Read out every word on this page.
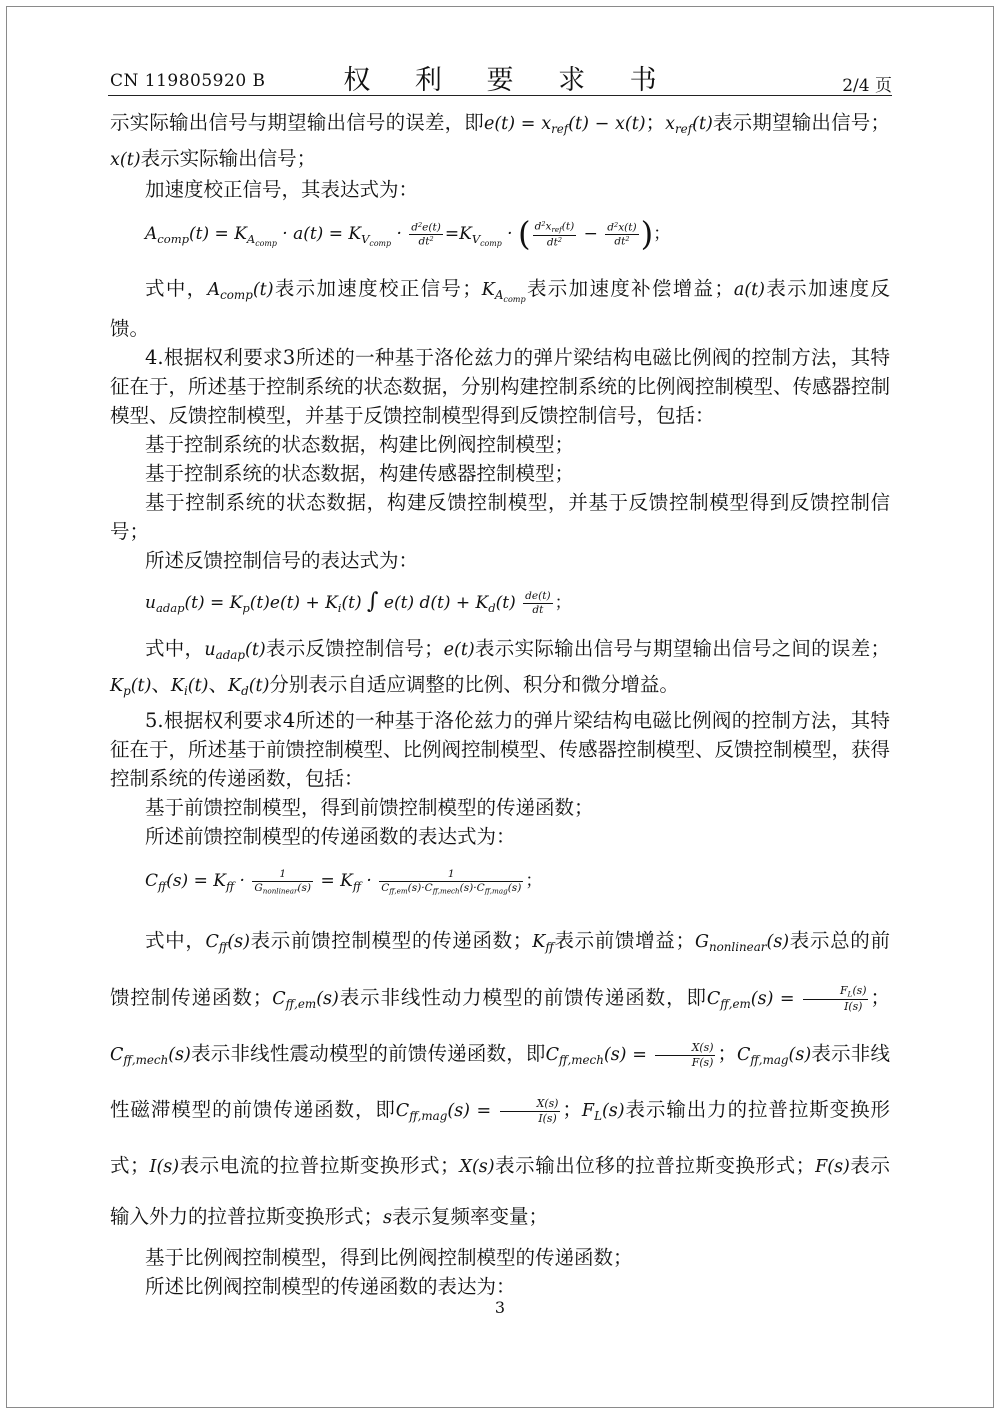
CN 119805920 B	权 利 要 求 书	2/4 页

示实际输出信号与期望输出信号的误差，即$e(t) = x_{ref}(t) - x(t)$；$x_{ref}(t)$表示期望输出信号；x(t)表示实际输出信号；

加速度校正信号，其表达式为：

$A_{comp}(t) = K_{A_{comp}} \cdot a(t) = K_{V_{comp}} \cdot \frac{d^2e(t)}{dt^2} =K_{V_{comp}}$ · ( $\frac{d^2x_{ref}(t)}{dt^2} - \frac{d^2x(t)}{dt^2}$ )；

式中，$A_{comp}(t)$表示加速度校正信号；$K_{A_{comp}}$表示加速度补偿增益；a(t)表示加速度反馈。

4.根据权利要求3所述的一种基于洛伦兹力的弹片梁结构电磁比例阀的控制方法，其特征在于，所述基于控制系统的状态数据，分别构建控制系统的比例阀控制模型、传感器控制模型、反馈控制模型，并基于反馈控制模型得到反馈控制信号，包括：

基于控制系统的状态数据，构建比例阀控制模型；

基于控制系统的状态数据，构建传感器控制模型；

基于控制系统的状态数据，构建反馈控制模型，并基于反馈控制模型得到反馈控制信号；

所述反馈控制信号的表达式为：

$u_{adap}(t) = K_p(t)e(t) + K_i(t)$ ∫ e(t) $d(t) + K_d(t) \frac{de(t)}{dt}$ ；

式中，$u_{adap}(t)$表示反馈控制信号；e(t)表示实际输出信号与期望输出信号之间的误差；$K_p(t)$、$K_i(t)$、$K_d(t)$分别表示自适应调整的比例、积分和微分增益。

5.根据权利要求4所述的一种基于洛伦兹力的弹片梁结构电磁比例阀的控制方法，其特征在于，所述基于前馈控制模型、比例阀控制模型、传感器控制模型、反馈控制模型，获得控制系统的传递函数，包括：

基于前馈控制模型，得到前馈控制模型的传递函数；

所述前馈控制模型的传递函数的表达式为：

$C_{ff}(s) = K_{ff} \cdot \frac{1}{G_{nonlinear}(s)} = K_{ff} \cdot \frac{1}{C_{ff,em}(s)\cdot C_{ff,mech}(s)\cdot C_{ff,mag}(s)}$ ；

式中，$C_{ff}(s)$表示前馈控制模型的传递函数；$K_{ff}$表示前馈增益；$G_{nonlinear}(s)$表示总的前馈控制传递函数；$C_{ff,em}(s)$表示非线性动力模型的前馈传递函数，即$C_{ff,em}(s) = \frac{F_L(s)}{I(s)}$ ；$C_{ff,mech}(s)$表示非线性震动模型的前馈传递函数，即$C_{ff,mech}(s) = \frac{X(s)}{F(s)}$ ；$C_{ff,mag}(s)$表示非线性磁滞模型的前馈传递函数，即$C_{ff,mag}(s) = \frac{X(s)}{I(s)}$ ；$F_L(s)$表示输出力的拉普拉斯变换形式；I(s)表示电流的拉普拉斯变换形式；X(s)表示输出位移的拉普拉斯变换形式；F(s)表示输入外力的拉普拉斯变换形式；s表示复频率变量；

基于比例阀控制模型，得到比例阀控制模型的传递函数；

所述比例阀控制模型的传递函数的表达为：

3
